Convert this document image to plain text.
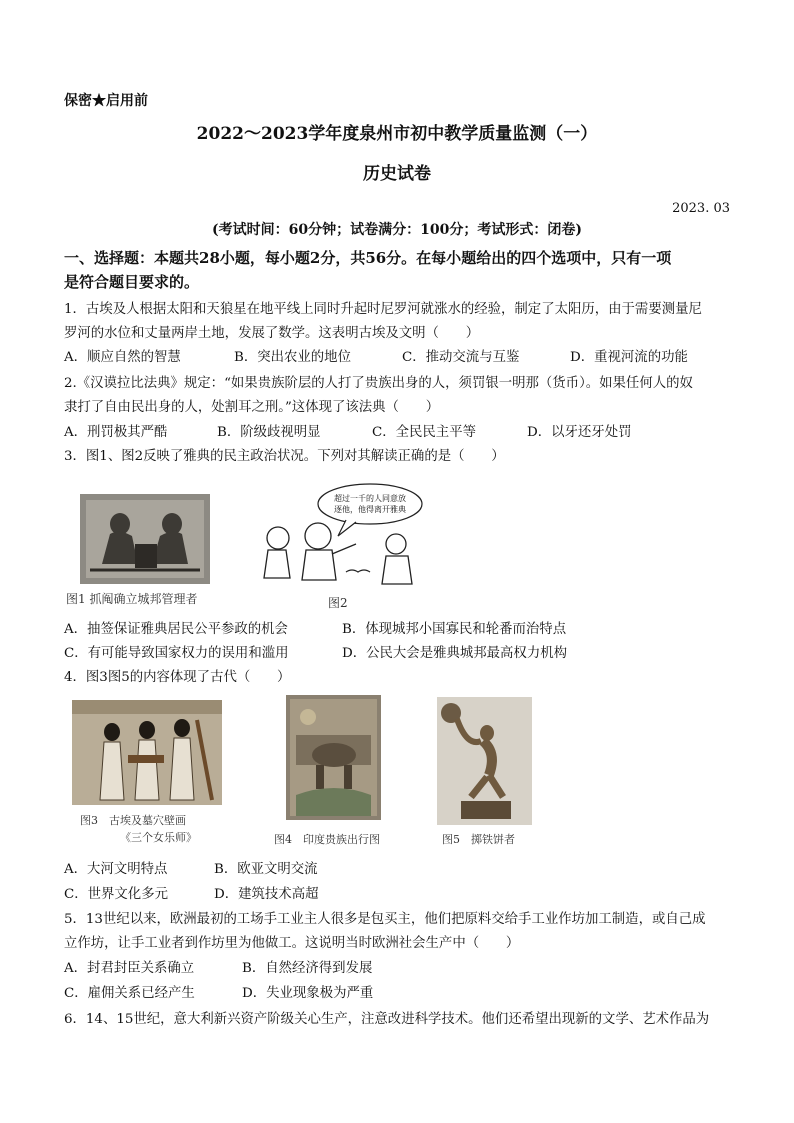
保密★启用前
2022～2023学年度泉州市初中教学质量监测（一）
历史试卷
2023. 03
(考试时间：60分钟；试卷满分：100分；考试形式：闭卷)
一、选择题：本题共28小题，每小题2分，共56分。在每小题给出的四个选项中，只有一项
是符合题目要求的。
1．古埃及人根据太阳和天狼星在地平线上同时升起时尼罗河就涨水的经验，制定了太阳历，由于需要测量尼
罗河的水位和丈量两岸土地，发展了数学。这表明古埃及文明（　　）
A．顺应自然的智慧	B．突出农业的地位	C．推动交流与互鉴	D．重视河流的功能
2.《汉谟拉比法典》规定：“如果贵族阶层的人打了贵族出身的人，须罚银一明那（货币）。如果任何人的奴
隶打了自由民出身的人，处割耳之刑。”这体现了该法典（　　）
A．刑罚极其严酷	B．阶级歧视明显	C．全民民主平等	D．以牙还牙处罚
3．图1、图2反映了雅典的民主政治状况。下列对其解读正确的是（　　）
图1 抓阄确立城邦管理者
超过一千的人同意放
逐他，他得离开雅典
图2
A．抽签保证雅典居民公平参政的机会	B．体现城邦小国寡民和轮番而治特点
C．有可能导致国家权力的误用和滥用	D．公民大会是雅典城邦最高权力机构
4．图3图5的内容体现了古代（　　）
图3　古埃及墓穴壁画
《三个女乐师》	图4　印度贵族出行图	图5　掷铁饼者
A．大河文明特点	B．欧亚文明交流
C．世界文化多元	D．建筑技术高超
5．13世纪以来，欧洲最初的工场手工业主人很多是包买主，他们把原料交给手工业作坊加工制造，或自己成
立作坊，让手工业者到作坊里为他做工。这说明当时欧洲社会生产中（　　）
A．封君封臣关系确立	B．自然经济得到发展
C．雇佣关系已经产生	D．失业现象极为严重
6．14、15世纪，意大利新兴资产阶级关心生产，注意改进科学技术。他们还希望出现新的文学、艺术作品为
